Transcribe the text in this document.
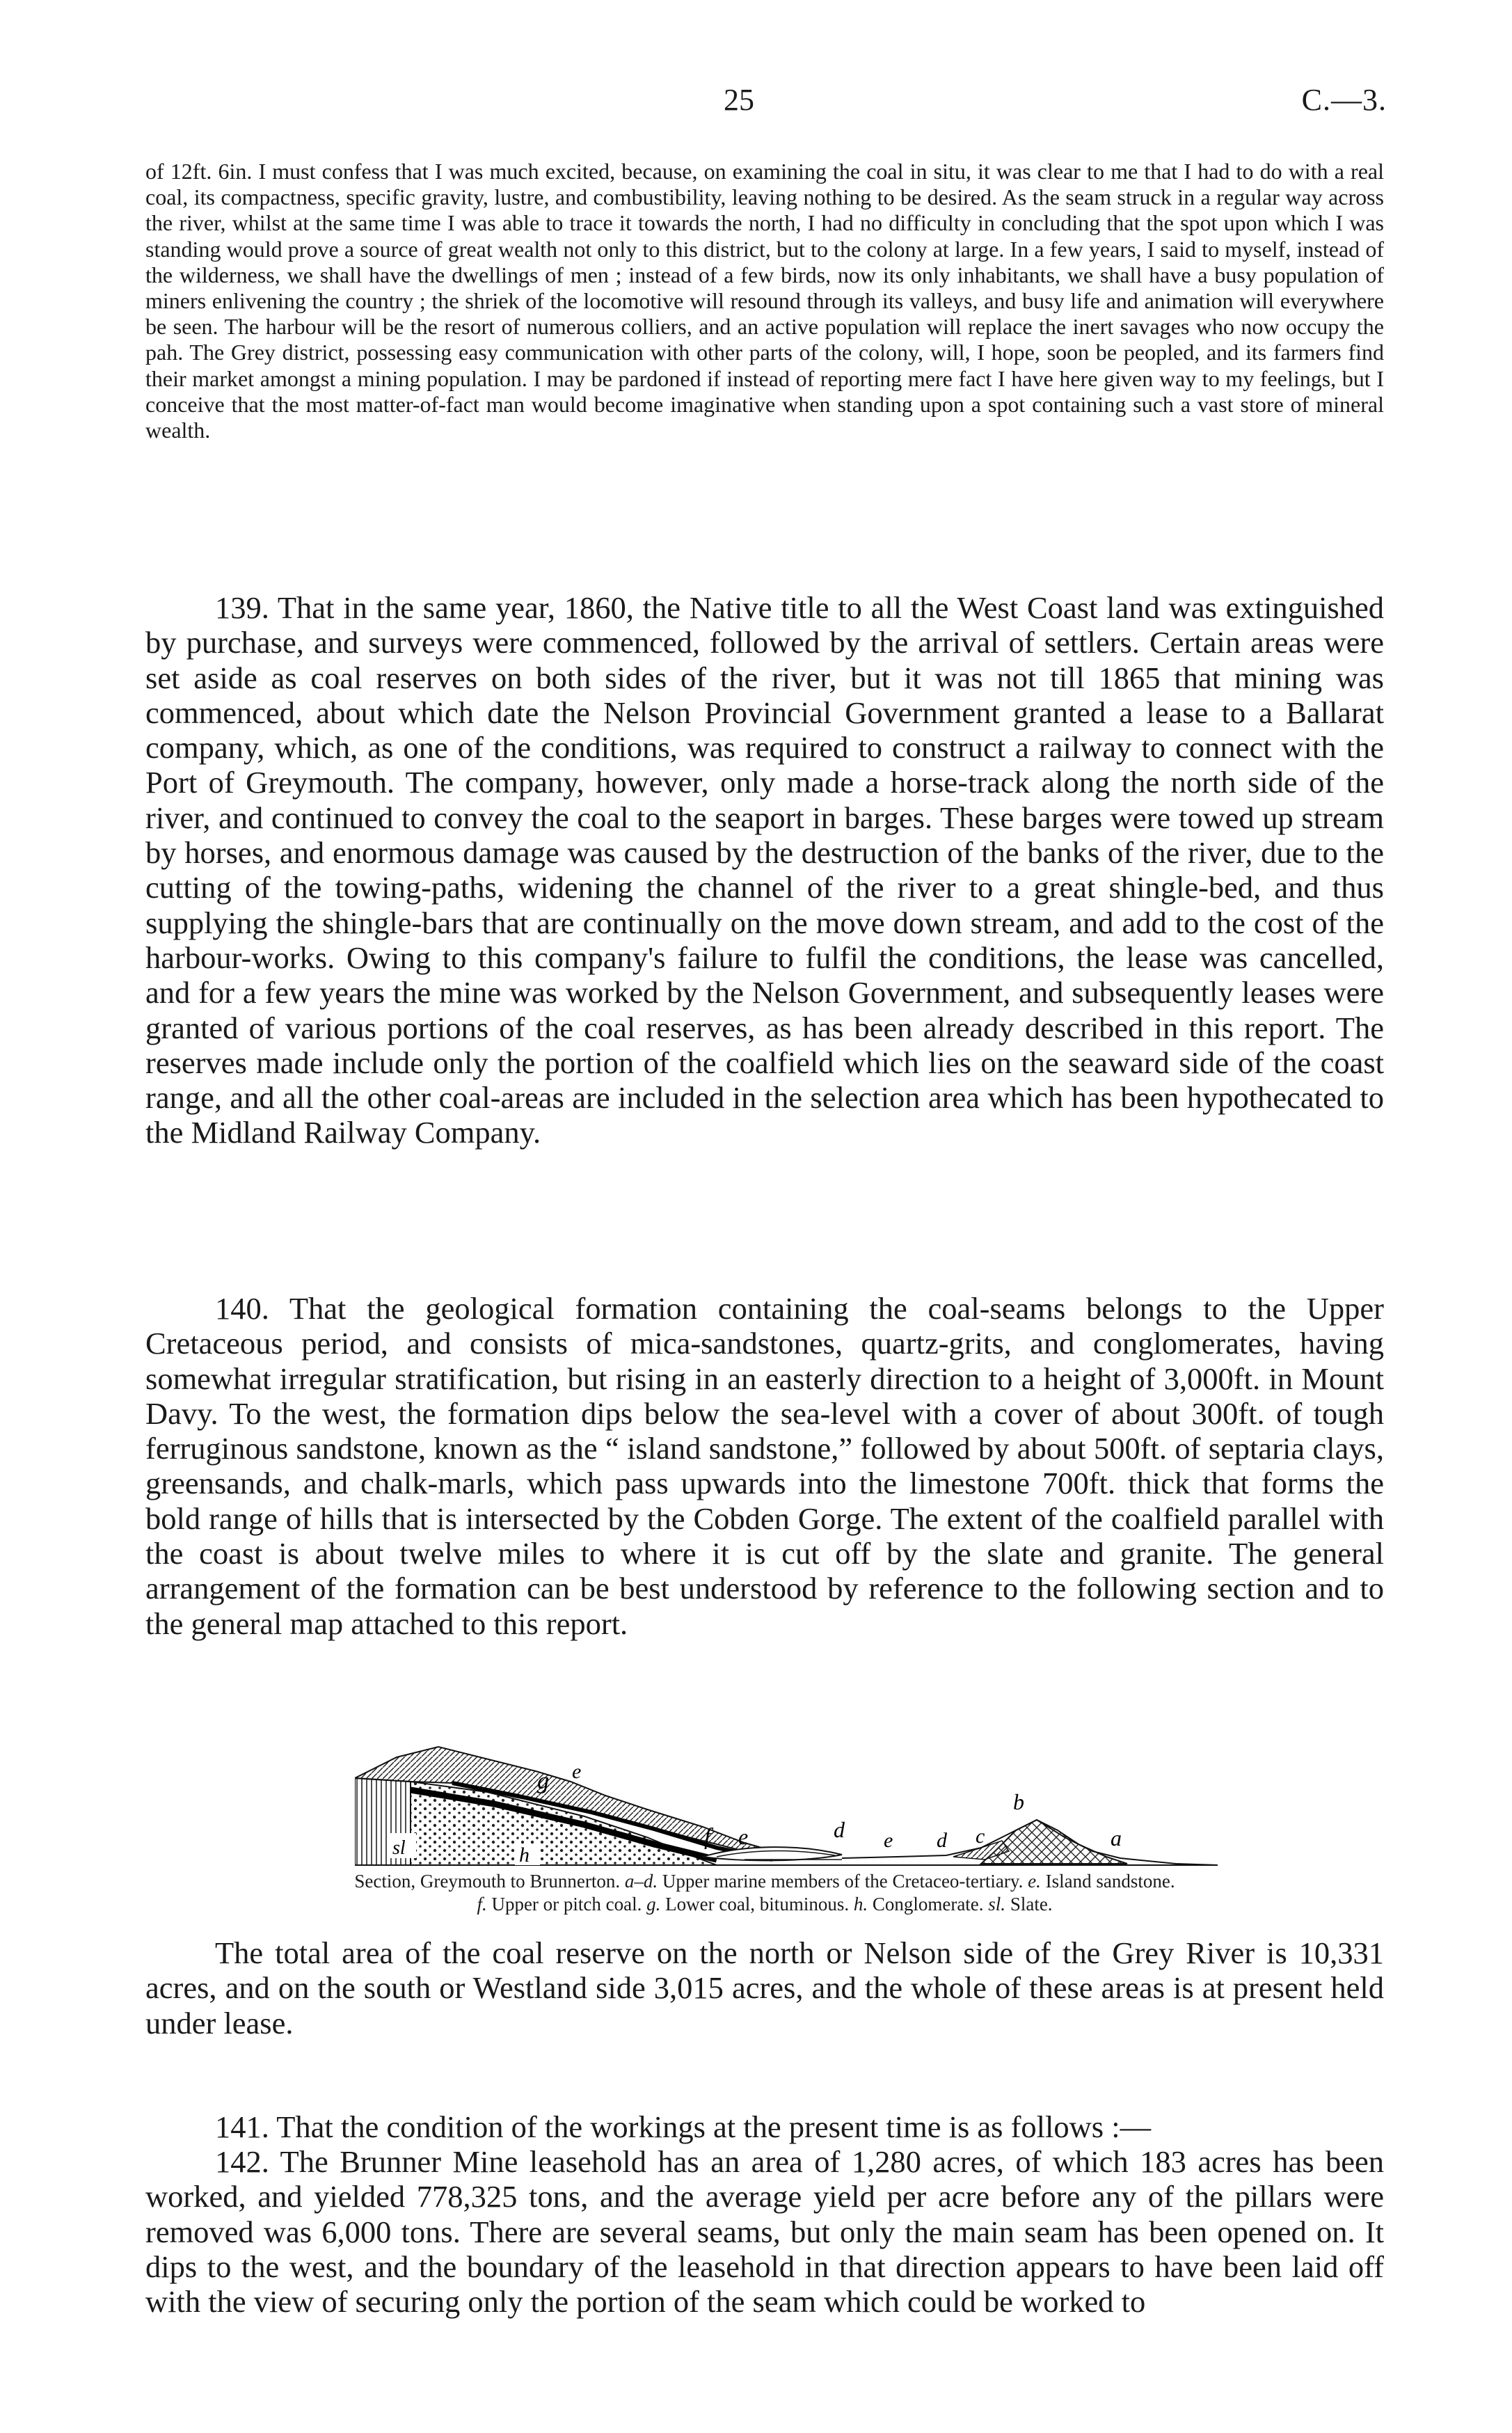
25	C.—3.

of 12ft. 6in. I must confess that I was much excited, because, on examining the coal in situ, it was clear to me that I had to do with a real coal, its compactness, specific gravity, lustre, and combustibility, leaving nothing to be desired. As the seam struck in a regular way across the river, whilst at the same time I was able to trace it towards the north, I had no difficulty in concluding that the spot upon which I was standing would prove a source of great wealth not only to this district, but to the colony at large. In a few years, I said to myself, instead of the wilderness, we shall have the dwellings of men ; instead of a few birds, now its only inhabitants, we shall have a busy population of miners enlivening the country ; the shriek of the locomotive will resound through its valleys, and busy life and animation will everywhere be seen. The harbour will be the resort of numerous colliers, and an active population will replace the inert savages who now occupy the pah. The Grey district, possessing easy communication with other parts of the colony, will, I hope, soon be peopled, and its farmers find their market amongst a mining population. I may be pardoned if instead of reporting mere fact I have here given way to my feelings, but I conceive that the most matter-of-fact man would become imaginative when standing upon a spot containing such a vast store of mineral wealth.

139. That in the same year, 1860, the Native title to all the West Coast land was extinguished by purchase, and surveys were commenced, followed by the arrival of settlers. Certain areas were set aside as coal reserves on both sides of the river, but it was not till 1865 that mining was commenced, about which date the Nelson Provincial Government granted a lease to a Ballarat company, which, as one of the conditions, was required to construct a railway to connect with the Port of Greymouth. The company, however, only made a horse-track along the north side of the river, and continued to convey the coal to the seaport in barges. These barges were towed up stream by horses, and enormous damage was caused by the destruction of the banks of the river, due to the cutting of the towing-paths, widening the channel of the river to a great shingle-bed, and thus supplying the shingle-bars that are continually on the move down stream, and add to the cost of the harbour-works. Owing to this company's failure to fulfil the conditions, the lease was cancelled, and for a few years the mine was worked by the Nelson Government, and subsequently leases were granted of various portions of the coal reserves, as has been already described in this report. The reserves made include only the portion of the coalfield which lies on the seaward side of the coast range, and all the other coal-areas are included in the selection area which has been hypothecated to the Midland Railway Company.

140. That the geological formation containing the coal-seams belongs to the Upper Cretaceous period, and consists of mica-sandstones, quartz-grits, and conglomerates, having somewhat irregular stratification, but rising in an easterly direction to a height of 3,000ft. in Mount Davy. To the west, the formation dips below the sea-level with a cover of about 300ft. of tough ferruginous sandstone, known as the “ island sandstone,” followed by about 500ft. of septaria clays, greensands, and chalk-marls, which pass upwards into the limestone 700ft. thick that forms the bold range of hills that is intersected by the Cobden Gorge. The extent of the coalfield parallel with the coast is about twelve miles to where it is cut off by the slate and granite. The general arrangement of the formation can be best understood by reference to the following section and to the general map attached to this report.

g e
f e	d e d c
b
a
sl	h

Section, Greymouth to Brunnerton. a–d. Upper marine members of the Cretaceo-tertiary. e. Island sandstone.
f. Upper or pitch coal. g. Lower coal, bituminous. h. Conglomerate. sl. Slate.

The total area of the coal reserve on the north or Nelson side of the Grey River is 10,331 acres, and on the south or Westland side 3,015 acres, and the whole of these areas is at present held under lease.

141. That the condition of the workings at the present time is as follows :—

142. The Brunner Mine leasehold has an area of 1,280 acres, of which 183 acres has been worked, and yielded 778,325 tons, and the average yield per acre before any of the pillars were removed was 6,000 tons. There are several seams, but only the main seam has been opened on. It dips to the west, and the boundary of the leasehold in that direction appears to have been laid off with the view of securing only the portion of the seam which could be worked to
